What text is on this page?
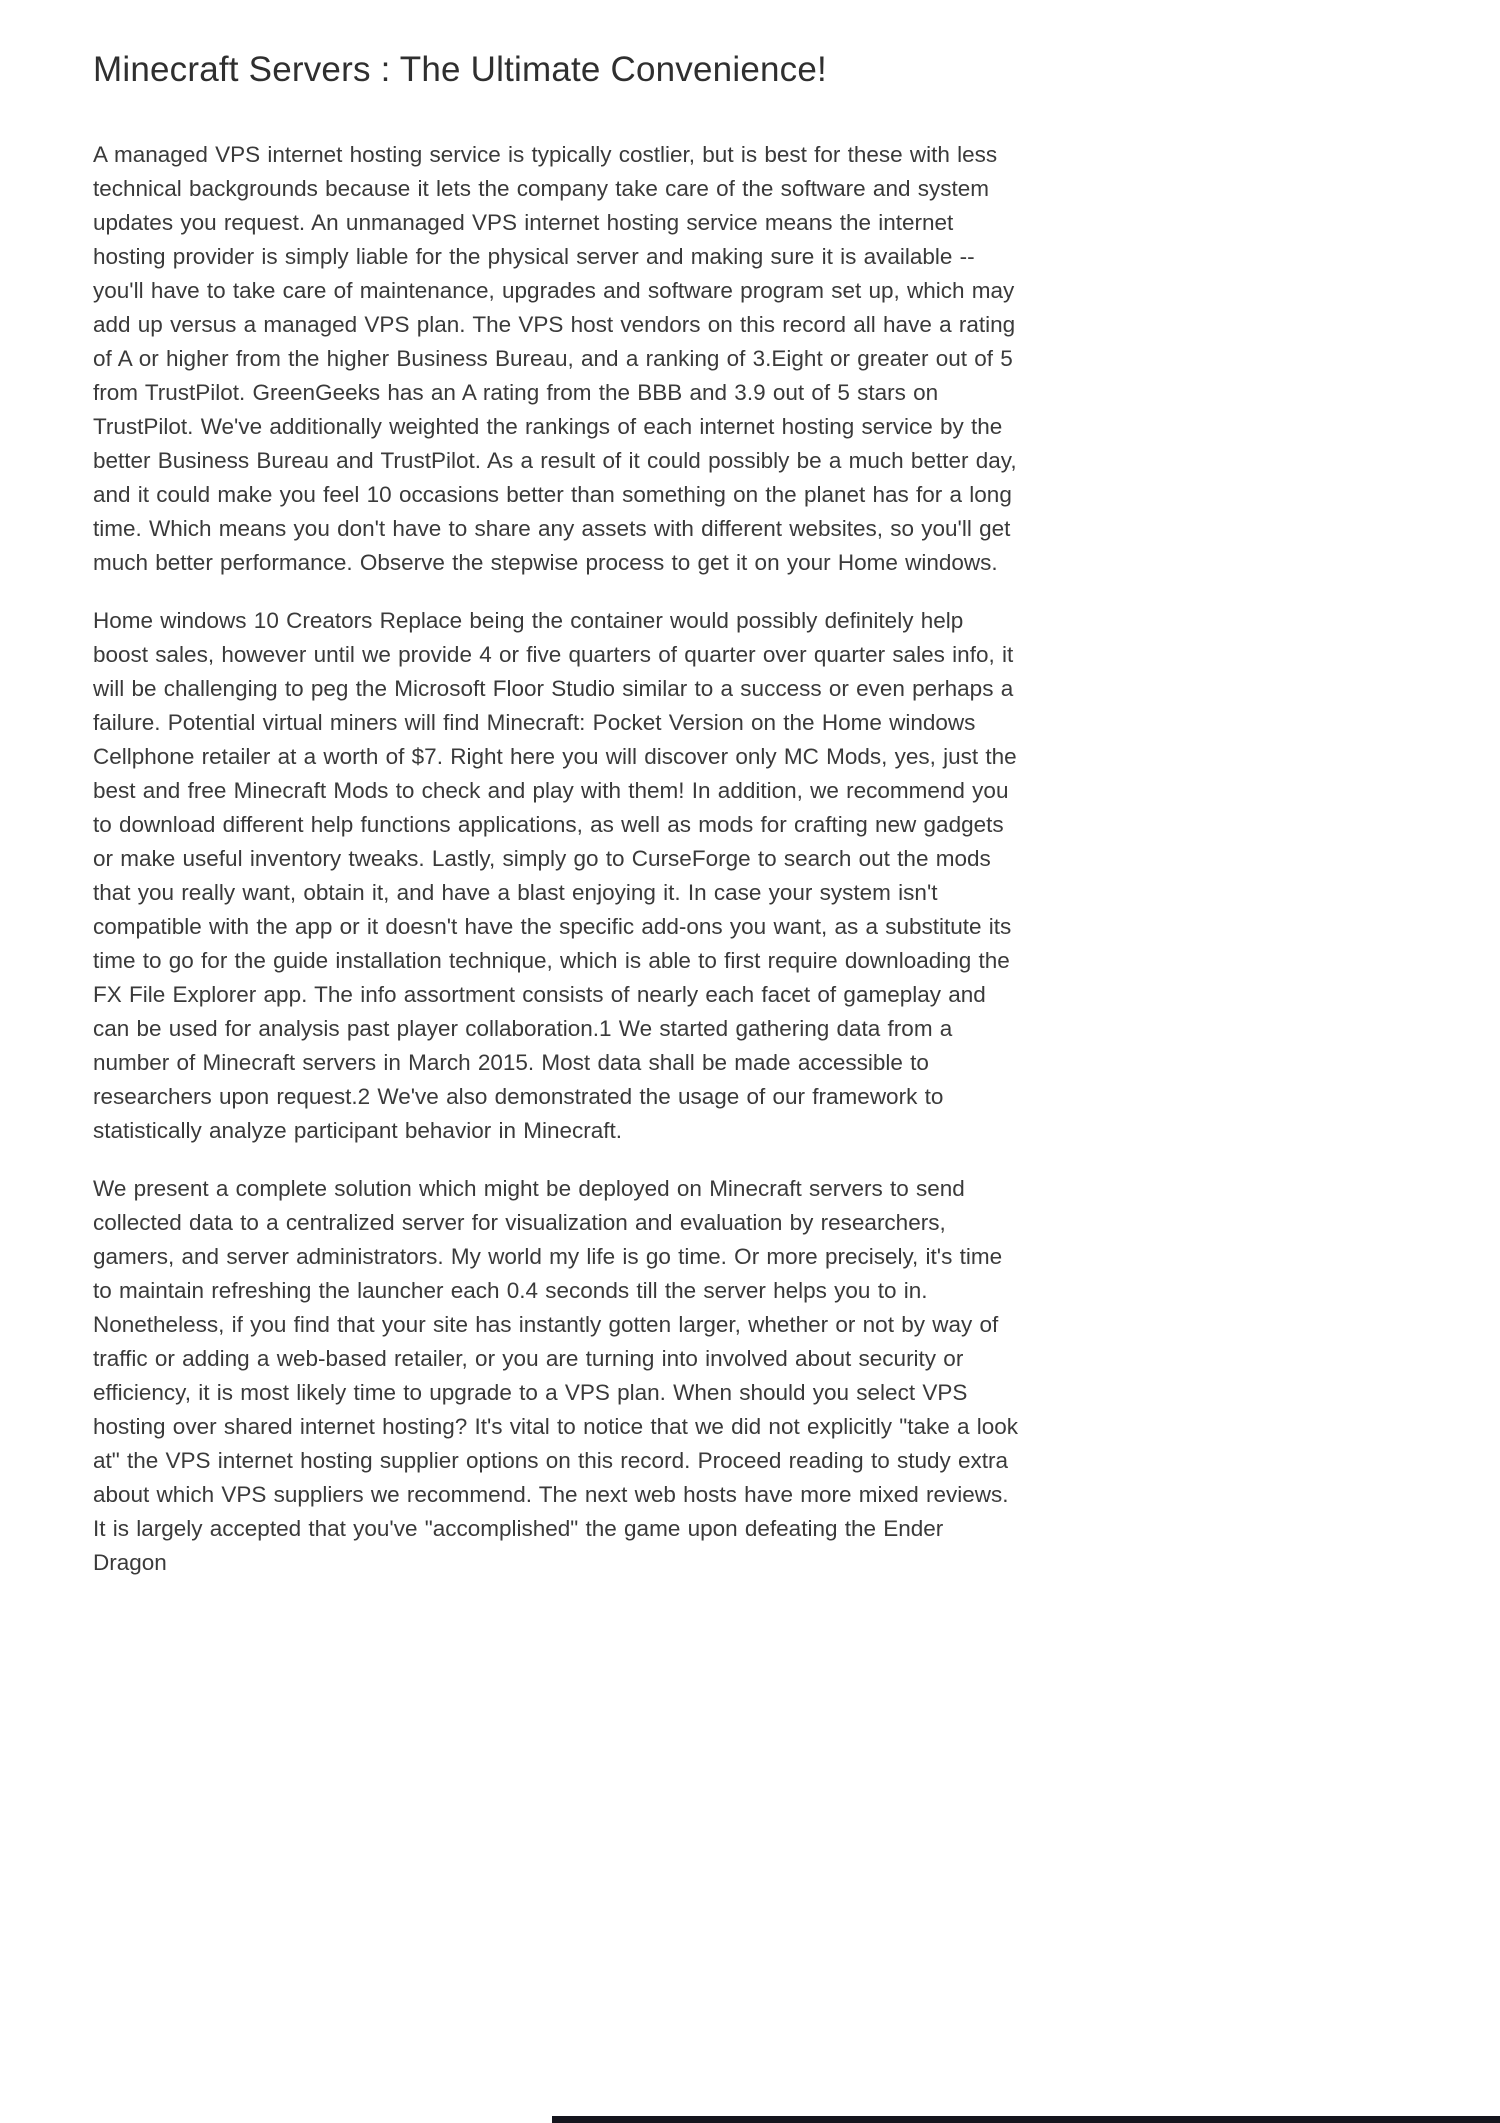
Minecraft Servers : The Ultimate Convenience!

A managed VPS internet hosting service is typically costlier, but is best for these with less technical backgrounds because it lets the company take care of the software and system updates you request. An unmanaged VPS internet hosting service means the internet hosting provider is simply liable for the physical server and making sure it is available -- you'll have to take care of maintenance, upgrades and software program set up, which may add up versus a managed VPS plan. The VPS host vendors on this record all have a rating of A or higher from the higher Business Bureau, and a ranking of 3.Eight or greater out of 5 from TrustPilot. GreenGeeks has an A rating from the BBB and 3.9 out of 5 stars on TrustPilot. We've additionally weighted the rankings of each internet hosting service by the better Business Bureau and TrustPilot. As a result of it could possibly be a much better day, and it could make you feel 10 occasions better than something on the planet has for a long time. Which means you don't have to share any assets with different websites, so you'll get much better performance. Observe the stepwise process to get it on your Home windows.

Home windows 10 Creators Replace being the container would possibly definitely help boost sales, however until we provide 4 or five quarters of quarter over quarter sales info, it will be challenging to peg the Microsoft Floor Studio similar to a success or even perhaps a failure. Potential virtual miners will find Minecraft: Pocket Version on the Home windows Cellphone retailer at a worth of $7. Right here you will discover only MC Mods, yes, just the best and free Minecraft Mods to check and play with them! In addition, we recommend you to download different help functions applications, as well as mods for crafting new gadgets or make useful inventory tweaks. Lastly, simply go to CurseForge to search out the mods that you really want, obtain it, and have a blast enjoying it. In case your system isn't compatible with the app or it doesn't have the specific add-ons you want, as a substitute its time to go for the guide installation technique, which is able to first require downloading the FX File Explorer app. The info assortment consists of nearly each facet of gameplay and can be used for analysis past player collaboration.1 We started gathering data from a number of Minecraft servers in March 2015. Most data shall be made accessible to researchers upon request.2 We've also demonstrated the usage of our framework to statistically analyze participant behavior in Minecraft.

We present a complete solution which might be deployed on Minecraft servers to send collected data to a centralized server for visualization and evaluation by researchers, gamers, and server administrators. My world my life is go time. Or more precisely, it's time to maintain refreshing the launcher each 0.4 seconds till the server helps you to in. Nonetheless, if you find that your site has instantly gotten larger, whether or not by way of traffic or adding a web-based retailer, or you are turning into involved about security or efficiency, it is most likely time to upgrade to a VPS plan. When should you select VPS hosting over shared internet hosting? It's vital to notice that we did not explicitly "take a look at" the VPS internet hosting supplier options on this record. Proceed reading to study extra about which VPS suppliers we recommend. The next web hosts have more mixed reviews. It is largely accepted that you've "accomplished" the game upon defeating the Ender Dragon
